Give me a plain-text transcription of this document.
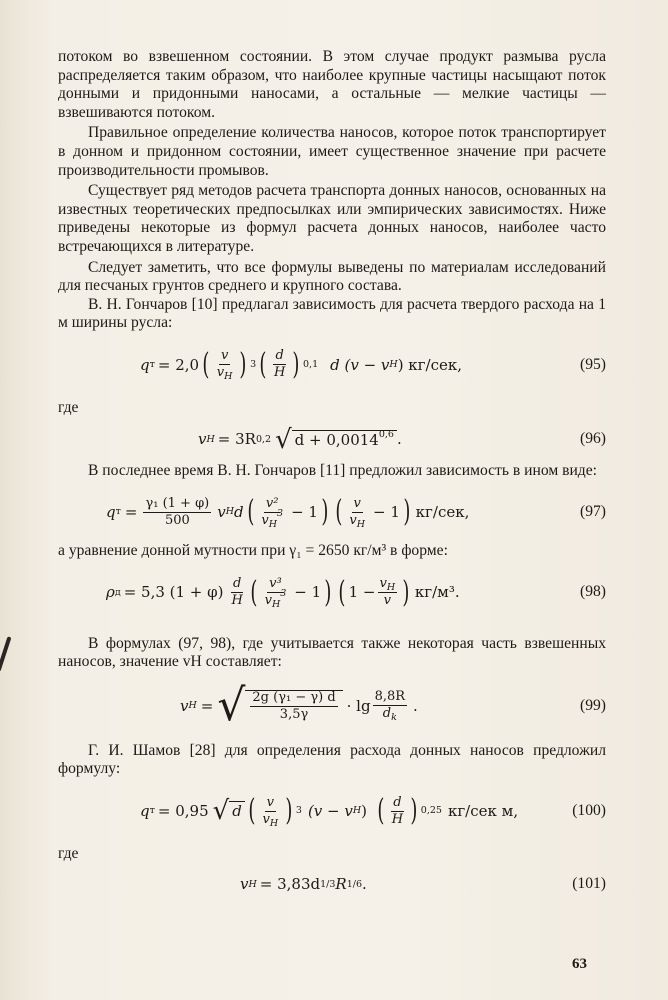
потоком во взвешенном состоянии. В этом случае продукт размыва русла распределяется таким образом, что наиболее крупные частицы насыщают поток донными и придонными наносами, а остальные — мелкие частицы — взвешиваются потоком.

Правильное определение количества наносов, которое поток транспортирует в донном и придонном состоянии, имеет существенное значение при расчете производительности промывов.

Существует ряд методов расчета транспорта донных наносов, основанных на известных теоретических предпосылках или эмпирических зависимостях. Ниже приведены некоторые из формул расчета донных наносов, наиболее часто встречающихся в литературе.

Следует заметить, что все формулы выведены по материалам исследований для песчаных грунтов среднего и крупного состава.

В. Н. Гончаров [10] предлагал зависимость для расчета твердого расхода на 1 м ширины русла:

q т = 2,0 ( $\frac{v}{v_H}$ ) 3 ( $\frac{d}{H}$ ) 0,1 d (v − v H ) кг/сек,	(95)

где

v H = 3R 0,2 √ $d + 0,0014^{0,6}$ .	(96)

В последнее время В. Н. Гончаров [11] предложил зависимость в ином виде:

q $т = \frac{\text{γ₁ (1 + φ)}}{500}$ v H d ( $\frac{\text{v²}}{v_H^3} - 1$ ) ( $\frac{v}{v_H} - 1$ ) кг/сек,	(97)

а уравнение донной мутности при γ₁ = 2650 кг/м³ в форме:

ρ д = 5,3 $(1 + \varphi) \frac{d}{H}$ ( $\frac{\text{v³}}{v_H^3} - 1$ ) ( $1 - \frac{v_H}{v}$ ) кг/м³.	(98)

В формулах (97, 98), где учитывается также некоторая часть взвешенных наносов, значение vH составляет:

v H = √ $\frac{\text{2g (γ₁ − γ) d}}{3,5\gamma} \cdot \lg \frac{8,8R}{d_k}$ .	(99)

Г. И. Шамов [28] для определения расхода донных наносов предложил формулу:

q т = 0,95 √ d ( $\frac{v}{v_H}$ ) 3 (v − v H ) ( $\frac{d}{H}$ ) 0,25 кг/сек м,	(100)

где

v H = 3,83d 1/3 R 1/6 .	(101)
63
